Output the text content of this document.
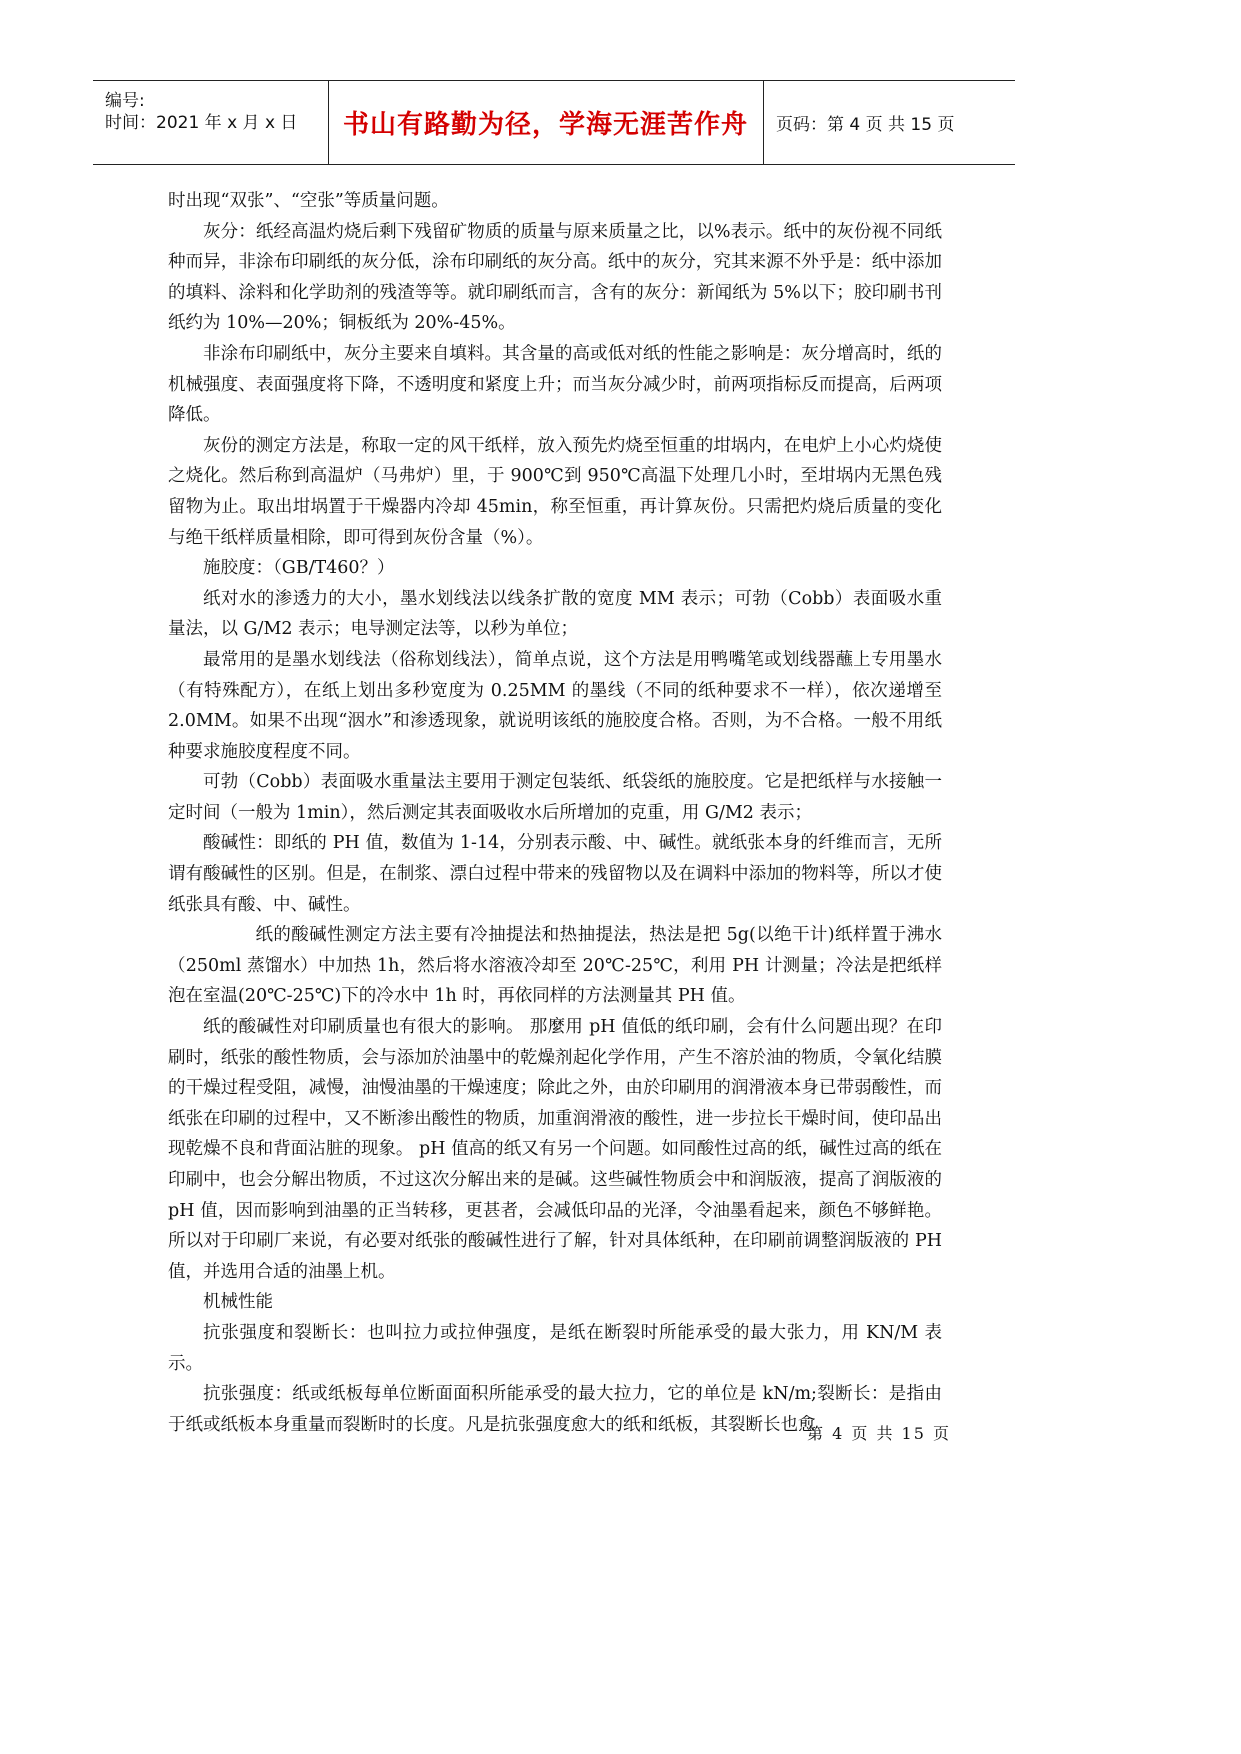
编号:
时间：2021 年 x 月 x 日 书山有路勤为径，学海无涯苦作舟 页码：第 4 页 共 15 页

时出现“双张”、“空张”等质量问题。

灰分：纸经高温灼烧后剩下残留矿物质的质量与原来质量之比，以%表示。纸中的灰份视不同纸种而异，非涂布印刷纸的灰分低，涂布印刷纸的灰分高。纸中的灰分，究其来源不外乎是：纸中添加的填料、涂料和化学助剂的残渣等等。就印刷纸而言，含有的灰分：新闻纸为 5%以下；胶印刷书刊纸约为 10%—20%；铜板纸为 20%-45%。

非涂布印刷纸中，灰分主要来自填料。其含量的高或低对纸的性能之影响是：灰分增高时，纸的机械强度、表面强度将下降，不透明度和紧度上升；而当灰分减少时，前两项指标反而提高，后两项降低。

灰份的测定方法是，称取一定的风干纸样，放入预先灼烧至恒重的坩埚内，在电炉上小心灼烧使之烧化。然后称到高温炉（马弗炉）里，于 900℃到 950℃高温下处理几小时，至坩埚内无黑色残留物为止。取出坩埚置于干燥器内冷却 45min，称至恒重，再计算灰份。只需把灼烧后质量的变化与绝干纸样质量相除，即可得到灰份含量（%）。

施胶度：（GB/T460？）

纸对水的渗透力的大小，墨水划线法以线条扩散的宽度 MM 表示；可勃（Cobb）表面吸水重量法，以 G/M2 表示；电导测定法等，以秒为单位；

最常用的是墨水划线法（俗称划线法），简单点说，这个方法是用鸭嘴笔或划线器蘸上专用墨水（有特殊配方），在纸上划出多秒宽度为 0.25MM 的墨线（不同的纸种要求不一样），依次递增至 2.0MM。如果不出现“洇水”和渗透现象，就说明该纸的施胶度合格。否则，为不合格。一般不用纸种要求施胶度程度不同。

可勃（Cobb）表面吸水重量法主要用于测定包装纸、纸袋纸的施胶度。它是把纸样与水接触一定时间（一般为 1min），然后测定其表面吸收水后所增加的克重，用 G/M2 表示；

酸碱性：即纸的 PH 值，数值为 1-14，分别表示酸、中、碱性。就纸张本身的纤维而言，无所谓有酸碱性的区别。但是，在制浆、漂白过程中带来的残留物以及在调料中添加的物料等，所以才使纸张具有酸、中、碱性。

纸的酸碱性测定方法主要有冷抽提法和热抽提法，热法是把 5g(以绝干计)纸样置于沸水（250ml 蒸馏水）中加热 1h，然后将水溶液冷却至 20℃-25℃，利用 PH 计测量；冷法是把纸样泡在室温(20℃-25℃)下的冷水中 1h 时，再依同样的方法测量其 PH 值。

纸的酸碱性对印刷质量也有很大的影响。 那麼用 pH 值低的纸印刷，会有什么问题出现？在印刷时，纸张的酸性物质，会与添加於油墨中的乾燥剂起化学作用，产生不溶於油的物质，令氧化结膜的干燥过程受阻，减慢，油慢油墨的干燥速度；除此之外，由於印刷用的润滑液本身已带弱酸性，而纸张在印刷的过程中，又不断渗出酸性的物质，加重润滑液的酸性，进一步拉长干燥时间，使印品出现乾燥不良和背面沾脏的现象。 pH 值高的纸又有另一个问题。如同酸性过高的纸，碱性过高的纸在印刷中，也会分解出物质，不过这次分解出来的是碱。这些碱性物质会中和润版液，提高了润版液的 pH 值，因而影响到油墨的正当转移，更甚者，会减低印品的光泽，令油墨看起来，颜色不够鲜艳。 所以对于印刷厂来说，有必要对纸张的酸碱性进行了解，针对具体纸种，在印刷前调整润版液的 PH 值，并选用合适的油墨上机。

机械性能

抗张强度和裂断长：也叫拉力或拉伸强度，是纸在断裂时所能承受的最大张力，用 KN/M 表示。

抗张强度：纸或纸板每单位断面面积所能承受的最大拉力，它的单位是 kN/m;裂断长：是指由于纸或纸板本身重量而裂断时的长度。凡是抗张强度愈大的纸和纸板，其裂断长也愈

第 4 页 共 15 页
